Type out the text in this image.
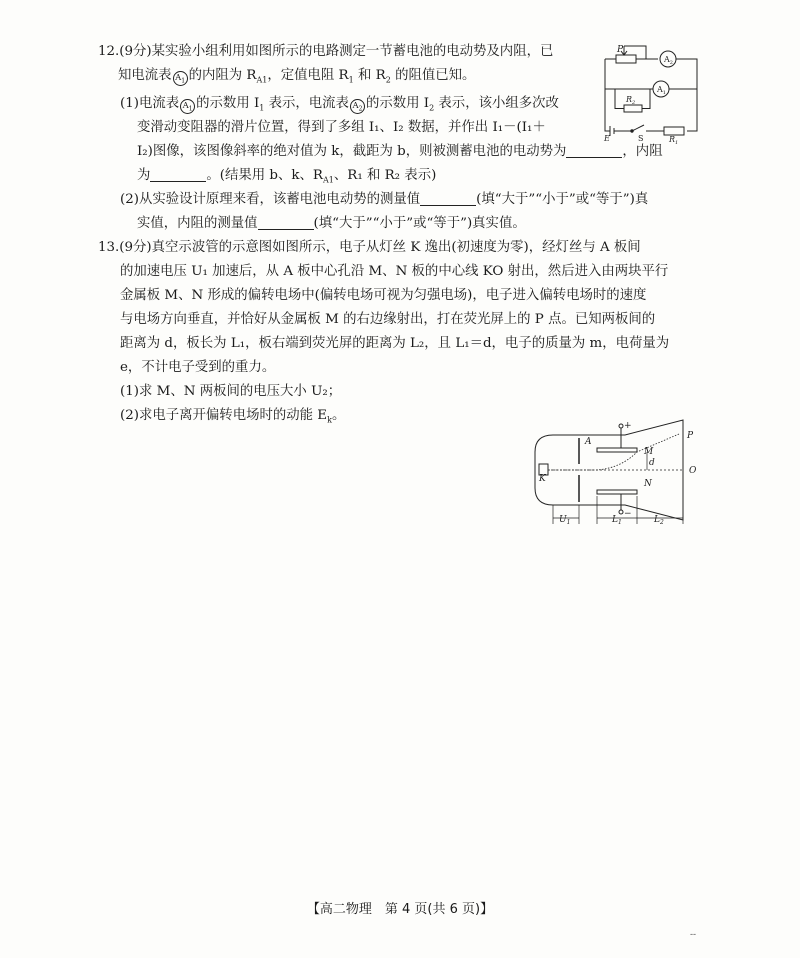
12.(9分)某实验小组利用如图所示的电路测定一节蓄电池的电动势及内阻，已
知电流表 $A_1$ 的内阻为 $R_{A1}$，定值电阻 $R_1$ 和 $R_2$ 的阻值已知。
(1)电流表 $A_1$ 的示数用 $I_1$ 表示，电流表 $A_2$ 的示数用 $I_2$ 表示，该小组多次改
变滑动变阻器的滑片位置，得到了多组 I₁、I₂ 数据，并作出 I₁－(I₁＋
I₂)图像，该图像斜率的绝对值为 k，截距为 b，则被测蓄电池的电动势为	，内阻
为	。(结果用 b、k、$R_{A1}$、R₁ 和 R₂ 表示)
(2)从实验设计原理来看，该蓄电池电动势的测量值	(填“大于”“小于”或“等于”)真
实值，内阻的测量值	(填“大于”“小于”或“等于”)真实值。
P
$A_2$
$A_1$
$R_2$
E	S	$R_1$
13.(9分)真空示波管的示意图如图所示，电子从灯丝 K 逸出(初速度为零)，经灯丝与 A 板间
的加速电压 U₁ 加速后，从 A 板中心孔沿 M、N 板的中心线 KO 射出，然后进入由两块平行
金属板 M、N 形成的偏转电场中(偏转电场可视为匀强电场)，电子进入偏转电场时的速度
与电场方向垂直，并恰好从金属板 M 的右边缘射出，打在荧光屏上的 P 点。已知两板间的
距离为 d，板长为 L₁，板右端到荧光屏的距离为 L₂，且 L₁＝d，电子的质量为 m，电荷量为
e，不计电子受到的重力。
(1)求 M、N 两板间的电压大小 U₂；
(2)求电子离开偏转电场时的动能 $E_k$。
+
−
A
M
d
N
K
P
O
$U_1$	$L_1$	$L_2$
【高二物理　第 4 页(共 6 页)】
--
